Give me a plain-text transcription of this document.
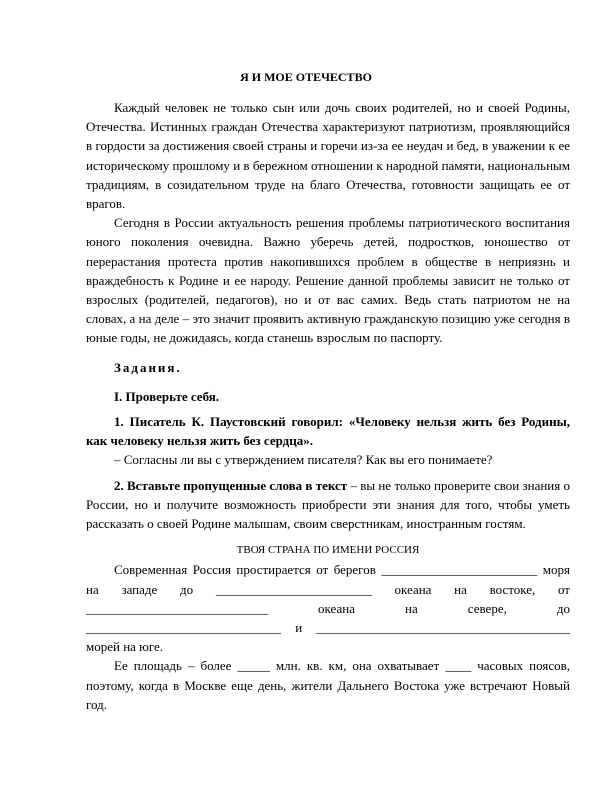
Я И МОЕ ОТЕЧЕСТВО

Каждый человек не только сын или дочь своих родителей, но и своей Родины, Отечества. Истинных граждан Отечества характеризуют патриотизм, проявляющийся в гордости за достижения своей страны и горечи из-за ее неудач и бед, в уважении к ее историческому прошлому и в бережном отношении к народной памяти, национальным традициям, в созидательном труде на благо Отечества, готовности защищать ее от врагов.

Сегодня в России актуальность решения проблемы патриотического воспитания юного поколения очевидна. Важно уберечь детей, подростков, юношество от перерастания протеста против накопившихся проблем в обществе в неприязнь и враждебность к Родине и ее народу. Решение данной проблемы зависит не только от взрослых (родителей, педагогов), но и от вас самих. Ведь стать патриотом не на словах, а на деле – это значит проявить активную гражданскую позицию уже сегодня в юные годы, не дожидаясь, когда станешь взрослым по паспорту.

Задания.

I. Проверьте себя.

1. Писатель К. Паустовский говорил: «Человеку нельзя жить без Родины, как человеку нельзя жить без сердца».

– Согласны ли вы с утверждением писателя? Как вы его понимаете?

2. Вставьте пропущенные слова в текст – вы не только проверите свои знания о России, но и получите возможность приобрести эти знания для того, чтобы уметь рассказать о своей Родине малышам, своим сверстникам, иностранным гостям.

ТВОЯ СТРАНА ПО ИМЕНИ РОССИЯ

Современная Россия простирается от берегов ________________________ моря на западе до ________________________ океана на востоке, от ____________________________ океана на севере, до ______________________________ и _______________________________________ морей на юге.

Ее площадь – более _____ млн. кв. км, она охватывает ____ часовых поясов, поэтому, когда в Москве еще день, жители Дальнего Востока уже встречают Новый год.
